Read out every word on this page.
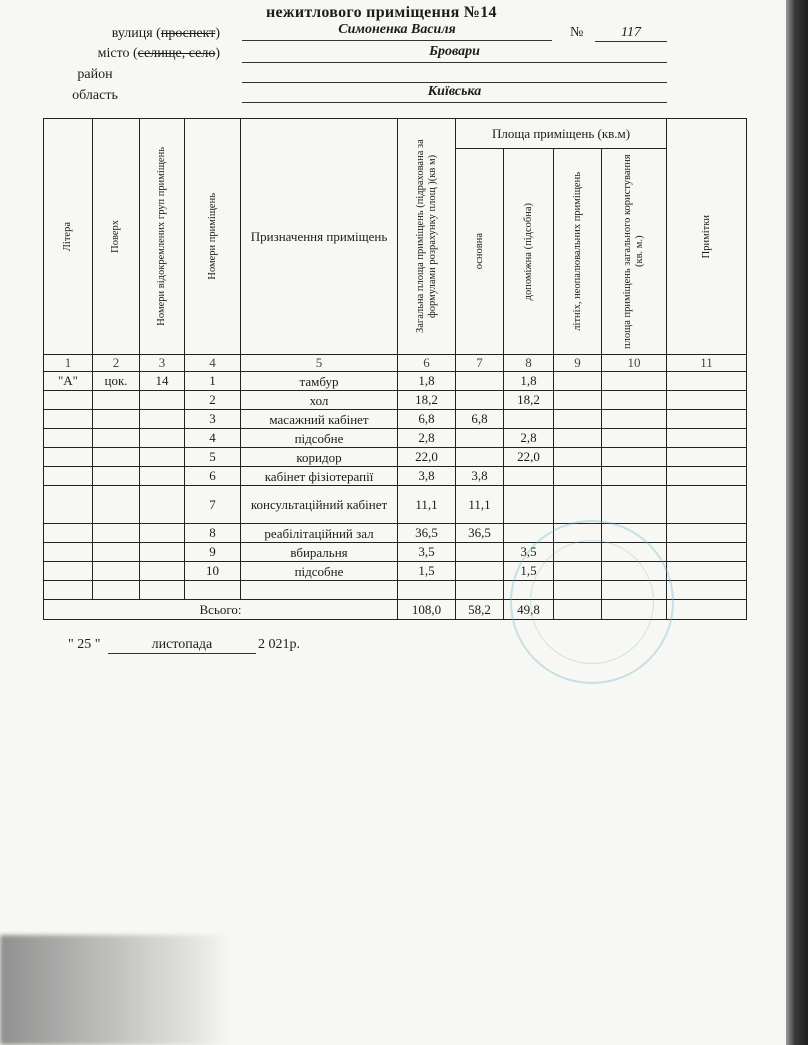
нежитлового приміщення №14
вулиця (проспект)	Симоненка Василя	№	117
місто (селище, село)	Бровари
район
область	Київська
Літера	Поверх	Номери відокремлених груп приміщень	Номери приміщень	Призначення приміщень	Загальна площа приміщень (підрахована за формулами розрахунку площ )(кв м)	Площа приміщень (кв.м)				Примітки

						основна	допоміжна (підсобна)	літніх, неопалювальних приміщень	площа приміщень загального користування (кв. м.)	

1	2	3	4	5	6	7	8	9	10	11
"А"	цок.	14	1	тамбур	1,8		1,8			
			2	хол	18,2		18,2			
			3	масажний кабінет	6,8	6,8				
			4	підсобне	2,8		2,8			
			5	коридор	22,0		22,0			
			6	кабінет фізіотерапії	3,8	3,8				
			7	консультаційний кабінет	11,1	11,1				
			8	реабілітаційний зал	36,5	36,5				
			9	вбиральня	3,5		3,5			
			10	підсобне	1,5		1,5			

Всього:					108,0	58,2	49,8			
" 25 "	листопада	2 021р.
